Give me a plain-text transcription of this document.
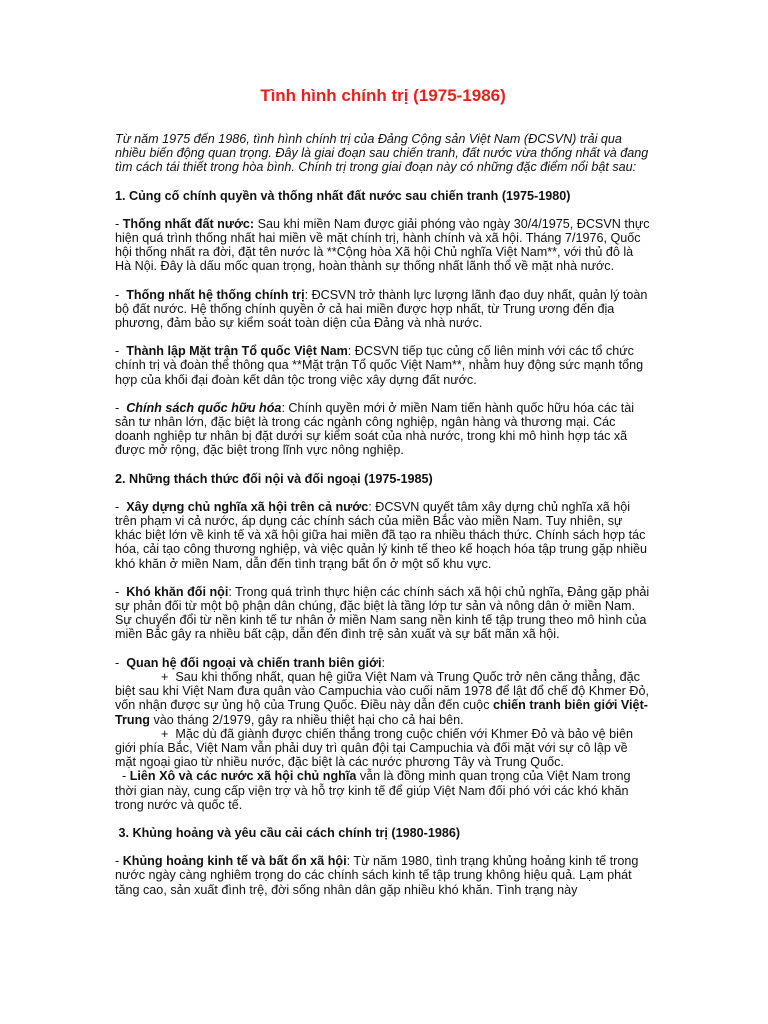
Tình hình chính trị (1975-1986)

Từ năm 1975 đến 1986, tình hình chính trị của Đảng Cộng sản Việt Nam (ĐCSVN) trải qua nhiều biến động quan trọng. Đây là giai đoạn sau chiến tranh, đất nước vừa thống nhất và đang tìm cách tái thiết trong hòa bình. Chính trị trong giai đoạn này có những đặc điểm nổi bật sau:

1. Củng cố chính quyền và thống nhất đất nước sau chiến tranh (1975-1980)

- Thống nhất đất nước: Sau khi miền Nam được giải phóng vào ngày 30/4/1975, ĐCSVN thực hiện quá trình thống nhất hai miền về mặt chính trị, hành chính và xã hội. Tháng 7/1976, Quốc hội thống nhất ra đời, đặt tên nước là **Cộng hòa Xã hội Chủ nghĩa Việt Nam**, với thủ đô là Hà Nội. Đây là dấu mốc quan trọng, hoàn thành sự thống nhất lãnh thổ về mặt nhà nước.

-  Thống nhất hệ thống chính trị: ĐCSVN trở thành lực lượng lãnh đạo duy nhất, quản lý toàn bộ đất nước. Hệ thống chính quyền ở cả hai miền được hợp nhất, từ Trung ương đến địa phương, đảm bảo sự kiểm soát toàn diện của Đảng và nhà nước.

-  Thành lập Mặt trận Tổ quốc Việt Nam: ĐCSVN tiếp tục củng cố liên minh với các tổ chức chính trị và đoàn thể thông qua **Mặt trận Tổ quốc Việt Nam**, nhằm huy động sức mạnh tổng hợp của khối đại đoàn kết dân tộc trong việc xây dựng đất nước.

-  Chính sách quốc hữu hóa: Chính quyền mới ở miền Nam tiến hành quốc hữu hóa các tài sản tư nhân lớn, đặc biệt là trong các ngành công nghiệp, ngân hàng và thương mại. Các doanh nghiệp tư nhân bị đặt dưới sự kiểm soát của nhà nước, trong khi mô hình hợp tác xã được mở rộng, đặc biệt trong lĩnh vực nông nghiệp.

2. Những thách thức đối nội và đối ngoại (1975-1985)

-  Xây dựng chủ nghĩa xã hội trên cả nước: ĐCSVN quyết tâm xây dựng chủ nghĩa xã hội trên phạm vi cả nước, áp dụng các chính sách của miền Bắc vào miền Nam. Tuy nhiên, sự khác biệt lớn về kinh tế và xã hội giữa hai miền đã tạo ra nhiều thách thức. Chính sách hợp tác hóa, cải tạo công thương nghiệp, và việc quản lý kinh tế theo kế hoạch hóa tập trung gặp nhiều khó khăn ở miền Nam, dẫn đến tình trạng bất ổn ở một số khu vực.

-  Khó khăn đối nội: Trong quá trình thực hiện các chính sách xã hội chủ nghĩa, Đảng gặp phải sự phản đối từ một bộ phận dân chúng, đặc biệt là tầng lớp tư sản và nông dân ở miền Nam. Sự chuyển đổi từ nền kinh tế tư nhân ở miền Nam sang nền kinh tế tập trung theo mô hình của miền Bắc gây ra nhiều bất cập, dẫn đến đình trệ sản xuất và sự bất mãn xã hội.

-  Quan hệ đối ngoại và chiến tranh biên giới:
+  Sau khi thống nhất, quan hệ giữa Việt Nam và Trung Quốc trở nên căng thẳng, đặc biệt sau khi Việt Nam đưa quân vào Campuchia vào cuối năm 1978 để lật đổ chế độ Khmer Đỏ, vốn nhận được sự ủng hộ của Trung Quốc. Điều này dẫn đến cuộc chiến tranh biên giới Việt-Trung vào tháng 2/1979, gây ra nhiều thiệt hại cho cả hai bên.
+  Mặc dù đã giành được chiến thắng trong cuộc chiến với Khmer Đỏ và bảo vệ biên giới phía Bắc, Việt Nam vẫn phải duy trì quân đội tại Campuchia và đối mặt với sự cô lập về mặt ngoại giao từ nhiều nước, đặc biệt là các nước phương Tây và Trung Quốc.
- Liên Xô và các nước xã hội chủ nghĩa vẫn là đồng minh quan trọng của Việt Nam trong thời gian này, cung cấp viện trợ và hỗ trợ kinh tế để giúp Việt Nam đối phó với các khó khăn trong nước và quốc tế.

3. Khủng hoảng và yêu cầu cải cách chính trị (1980-1986)

- Khủng hoảng kinh tế và bất ổn xã hội: Từ năm 1980, tình trạng khủng hoảng kinh tế trong nước ngày càng nghiêm trọng do các chính sách kinh tế tập trung không hiệu quả. Lạm phát tăng cao, sản xuất đình trệ, đời sống nhân dân gặp nhiều khó khăn. Tình trạng này
